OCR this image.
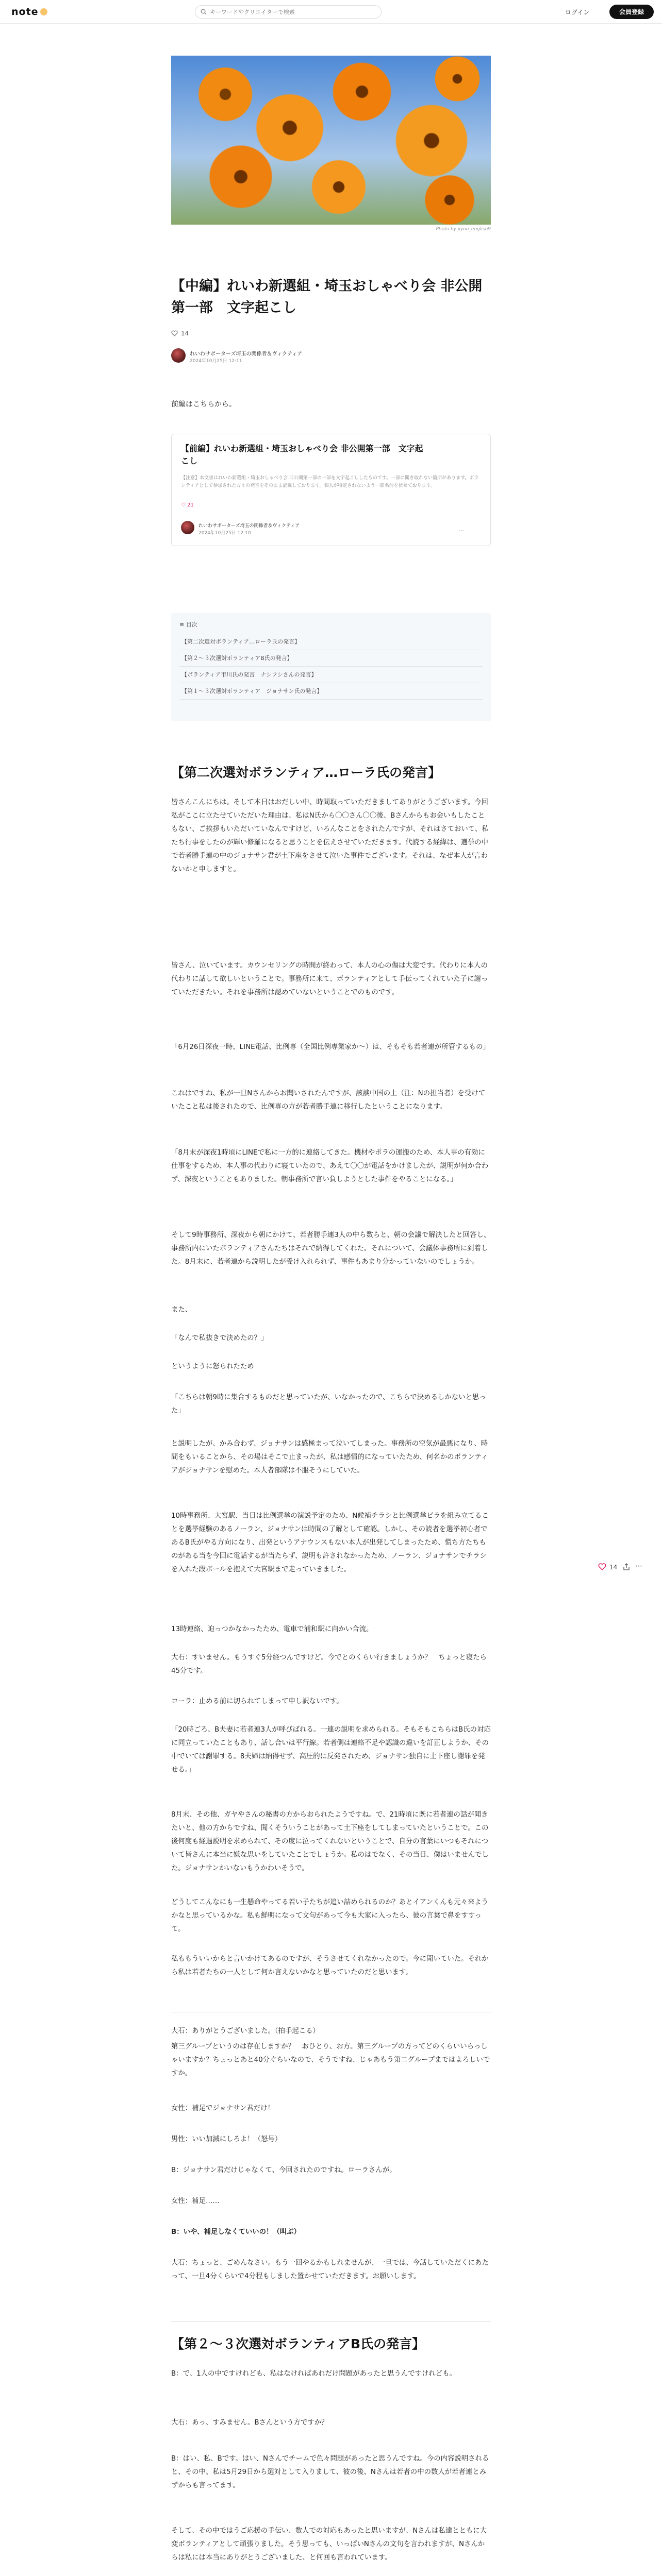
note
キーワードやクリエイターで検索	ログイン	会員登録
Photo by jiyou_english9
【中編】れいわ新選組・埼玉おしゃべり会 非公開第一部　文字起こし
14
れいわサポーターズ埼玉の関係者＆ヴィクティア
2024年10月25日 12:11
前編はこちらから。
【前編】れいわ新選組・埼玉おしゃべり会 非公開第一部　文字起こし
【注意】本文書はれいわ新選組・埼玉おしゃべり会 非公開第一部の一部を文字起こししたものです。一部に聞き取れない箇所があります。ボランティアとして参加された方々の発言をそのまま記載しております。個人が特定されないよう一部名前を伏せております。
♡ 21
れいわサポーターズ埼玉の関係者＆ヴィクティア
2024年10月25日 12:10	⋯
≡ 目次
【第二次選対ボランティア…ローラ氏の発言】
【第２～３次選対ボランティアB氏の発言】
【ボランティア市川氏の発言　ナシフシさんの発言】
【第１～３次選対ボランティア　ジョナサン氏の発言】
【第二次選対ボランティア…ローラ氏の発言】
皆さんこんにちは。そして本日はおだしい中、時間取っていただきましてありがとうございます。今回私がここに立たせていただいた理由は、私はN氏から〇〇さん〇〇後、Bさんからもお会いもしたこともない、ご挨拶もいただいていなんですけど、いろんなことをされたんですが、それはさておいて、私たち行事をしたのが輝い修羅になると思うことを伝えさせていただきます。代読する経緯は、選挙の中で若者勝手連の中のジョナサン君が土下座をさせて泣いた事件でございます。それは、なぜ本人が言わないかと申しますと。
皆さん、泣いています。カウンセリングの時間が終わって、本人の心の傷は大変です。代わりに本人の代わりに話して欲しいということで。事務所に来て、ボランティアとして手伝ってくれていた子に謝っていただきたい。それを事務所は認めていないということでのものです。
「6月26日深夜一時、LINE電話、比例専（全国比例専業家か～）は、そもそも若者連が所管するもの」
これはですね、私が一旦Nさんからお聞いされたんですが、該談中国の上（注：Nの担当者）を受けていたこと私は後されたので、比例専の方が若者勝手連に移行したということになります。
「8月末が深夜1時頃にLINEで私に一方的に連絡してきた。機材やポラの運搬のため、本人事の有効に仕事をするため、本人事の代わりに寝ていたので、あえて〇〇が電話をかけましたが、説明が何か合わず、深夜ということもありました。朝事務所で言い負しようとした事件をやることになる。」
そして9時事務所、深夜から朝にかけて、若者勝手連3人の中ら数らと、朝の会議で解決したと回答し、事務所内にいたボランティアさんたちはそれで納得してくれた。それについて、会議体事務所に到着した。8月末に、若者連から説明したが受け入れられず、事件もあまり分かっていないのでしょうか。
また、
「なんで私抜きで決めたの？」
というように怒られたため
「こちらは朝9時に集合するものだと思っていたが、いなかったので、こちらで決めるしかないと思った」
と説明したが、かみ合わず、ジョナサンは感極まって泣いてしまった。事務所の空気が最悪になり、時間をもいることから、その場はそこで止まったが、私は感情的になっていたため、何名かのボランティアがジョナサンを慰めた。本人者部隊は不服そうにしていた。
10時事務所、大宮駅、当日は比例選挙の演説予定のため、N候補チラシと比例選挙ビラを組み立てることを選挙経験のあるノーラン、ジョナサンは時間の了解として確認。しかし、その読者を選挙初心者であるB氏がやる方向になり、出発というアナウンスもない本人が出発してしまったため、慌ち方たちものがある当を今回に電話するが当たらず、説明も許されなかったため、ノーラン、ジョナサンでチラシを入れた段ボールを抱えて大宮駅まで走っていきました。
13時連絡、迫っつかなかったため、電車で浦和駅に向かい合流。
大石：すいません。もうすぐ5分経つんですけど。今でとのくらい行きましょうか？　ちょっと寝たら45分です。
ローラ：止める前に切られてしまって申し訳ないです。
「20時ごろ、B夫妻に若者連3人が呼びばれる。一連の説明を求められる。そもそもこちらはB氏の対応に同立っていたこともあり、話し合いは平行線。若者側は連絡不足や認識の違いを訂正しようか、その中でいては謝罪する。8夫婦は納得せず、高圧的に反発されため、ジョナサン独自に土下座し謝罪を発せる。」
8月末、その他、ガヤやさんの秘書の方からおられたようですね。で、21時頃に既に若者連の話が聞きたいと、他の方からですね、聞くそういうことがあって土下座をしてしまっていたということで。この後何度も経過説明を求められて、その度に泣ってくれないということで、自分の言葉にいつもそれについて皆さんに本当に嫌な思いをしていたことでしょうか。私のはでなく、その当日、僕はいませんでした。ジョナサンかいないもうかわいそうで。
どうしてこんなにも一生懸命やってる若い子たちが追い詰められるのか？あとイアンくんも元々来ようかなと思っているかな。私も鮮明になって文句があって今も大家に入ったら、彼の言葉で鼻をすすって。
私ももういいからと言いかけてあるのですが、そうさせてくれなかったので。今に聞いていた。それから私は若者たちの一人として何か言えないかなと思っていたのだと思います。
大石：ありがとうございました。（拍手起こる）
第三グループというのは存在しますか？　おひとり、お方。第三グループの方ってどのくらいいらっしゃいますか？ちょっとあと40分ぐらいなので、そうですね、じゃあもう第二グループまではよろしいですか。
女性：補足でジョナサン君だけ！
男性：いい加減にしろよ！（怒号）
B：ジョナサン君だけじゃなくて、今回されたのですね。ローラさんが。
女性：補足……
B：いや、補足しなくていいの！（叫ぶ）
大石：ちょっと、ごめんなさい。もう一回やるかもしれませんが、一旦では、今話していただくにあたって、一旦4分くらいで4分程もしました置かせていただきます。お願いします。
【第２～３次選対ボランティアB氏の発言】
B：で、1人の中ですけれども、私はなければあれだけ問題があったと思うんですけれども。
大石：あっ、すみません。Bさんという方ですか？
B：はい、私、Bです。はい、Nさんでチームで色々問題があったと思うんですね。今の内容説明されると、その中、私は5月29日から選対として入りまして、彼の後、Nさんは若者の中の数人が若者連とみずからも言ってます。
そして、その中ではうご応援の手伝い、数人での対応もあったと思いますが、Nさんは私達とともに大変ボランティアとして頑張りました。そう思っても、いっぱいNさんの文句を言われますが、Nさんからは私には本当にありがとうございました、と何回も言われています。
14 ⋯
